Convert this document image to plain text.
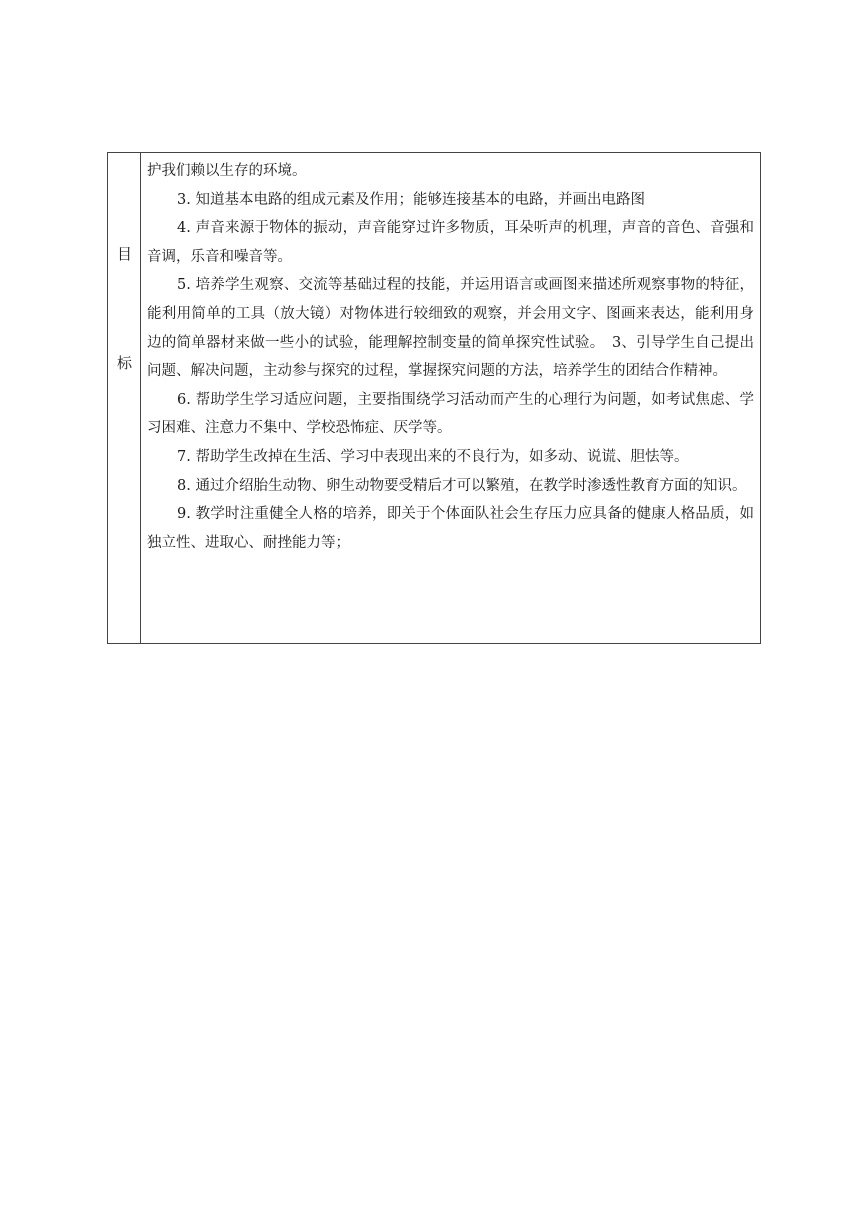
目
标

护我们赖以生存的环境。

3. 知道基本电路的组成元素及作用；能够连接基本的电路，并画出电路图

4. 声音来源于物体的振动，声音能穿过许多物质，耳朵听声的机理，声音的音色、音强和音调，乐音和噪音等。

5. 培养学生观察、交流等基础过程的技能，并运用语言或画图来描述所观察事物的特征，能利用简单的工具（放大镜）对物体进行较细致的观察，并会用文字、图画来表达，能利用身边的简单器材来做一些小的试验，能理解控制变量的简单探究性试验。　3、引导学生自己提出问题、解决问题，主动参与探究的过程，掌握探究问题的方法，培养学生的团结合作精神。

6. 帮助学生学习适应问题，主要指围绕学习活动而产生的心理行为问题，如考试焦虑、学习困难、注意力不集中、学校恐怖症、厌学等。

7. 帮助学生改掉在生活、学习中表现出来的不良行为，如多动、说谎、胆怯等。

8. 通过介绍胎生动物、卵生动物要受精后才可以繁殖，在教学时渗透性教育方面的知识。

9. 教学时注重健全人格的培养，即关于个体面队社会生存压力应具备的健康人格品质，如独立性、进取心、耐挫能力等；
